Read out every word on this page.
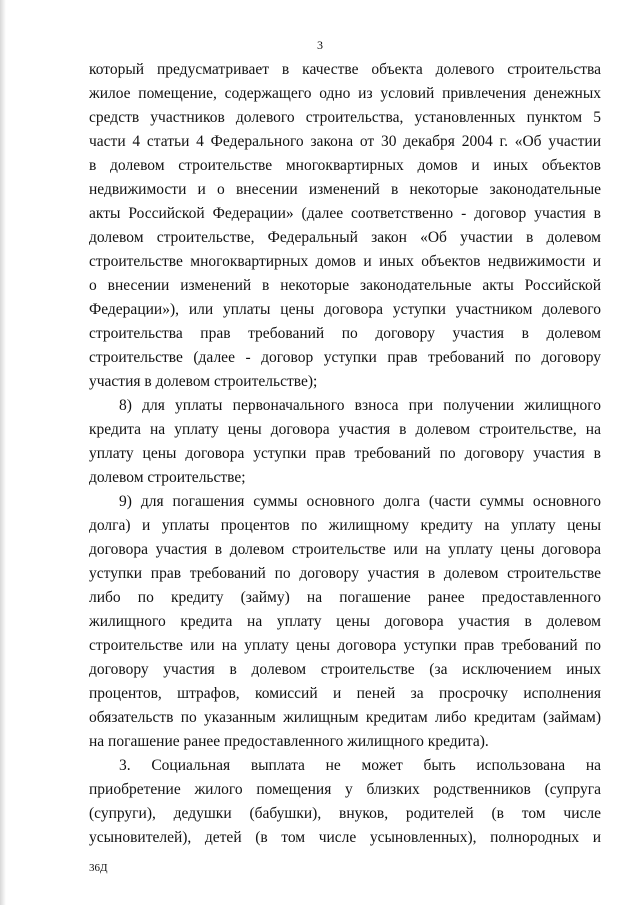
3

который предусматривает в качестве объекта долевого строительства
жилое помещение, содержащего одно из условий привлечения денежных
средств участников долевого строительства, установленных пунктом 5
части 4 статьи 4 Федерального закона от 30 декабря 2004 г. «Об участии
в долевом строительстве многоквартирных домов и иных объектов
недвижимости и о внесении изменений в некоторые законодательные
акты Российской Федерации» (далее соответственно - договор участия в
долевом строительстве, Федеральный закон «Об участии в долевом
строительстве многоквартирных домов и иных объектов недвижимости и
о внесении изменений в некоторые законодательные акты Российской
Федерации»), или уплаты цены договора уступки участником долевого
строительства прав требований по договору участия в долевом
строительстве (далее - договор уступки прав требований по договору
участия в долевом строительстве);

8) для уплаты первоначального взноса при получении жилищного
кредита на уплату цены договора участия в долевом строительстве, на
уплату цены договора уступки прав требований по договору участия в
долевом строительстве;

9) для погашения суммы основного долга (части суммы основного
долга) и уплаты процентов по жилищному кредиту на уплату цены
договора участия в долевом строительстве или на уплату цены договора
уступки прав требований по договору участия в долевом строительстве
либо по кредиту (займу) на погашение ранее предоставленного
жилищного кредита на уплату цены договора участия в долевом
строительстве или на уплату цены договора уступки прав требований по
договору участия в долевом строительстве (за исключением иных
процентов, штрафов, комиссий и пеней за просрочку исполнения
обязательств по указанным жилищным кредитам либо кредитам (займам)
на погашение ранее предоставленного жилищного кредита).

3. Социальная выплата не может быть использована на
приобретение жилого помещения у близких родственников (супруга
(супруги), дедушки (бабушки), внуков, родителей (в том числе
усыновителей), детей (в том числе усыновленных), полнородных и

36Д
